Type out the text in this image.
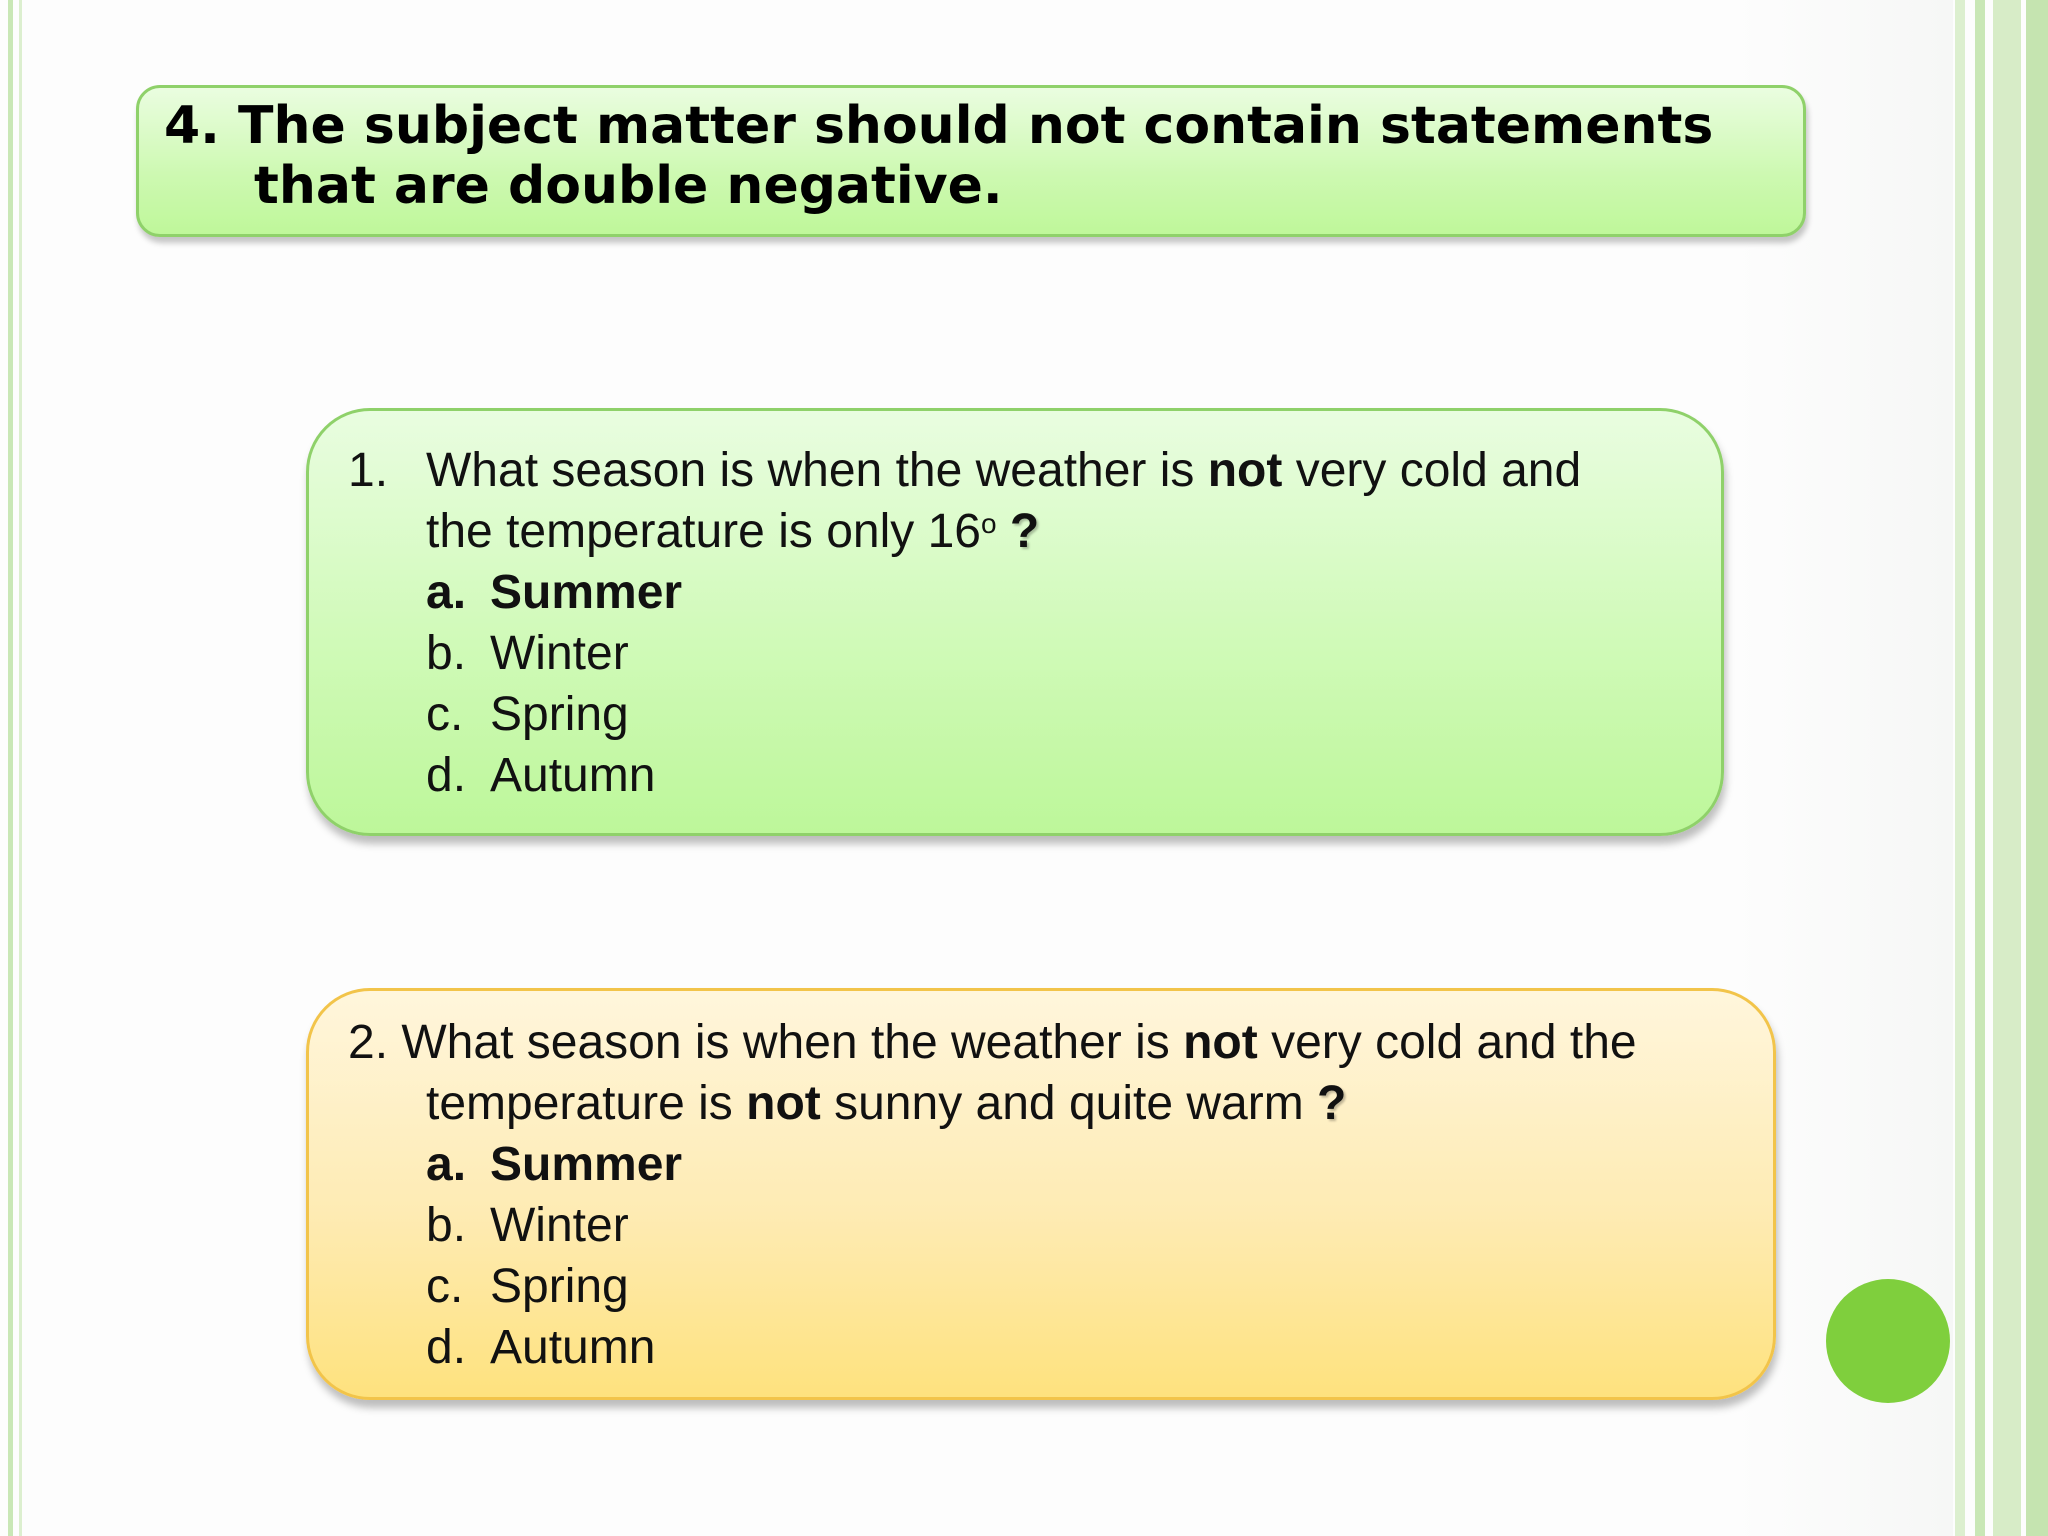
4. The subject matter should not contain statements
that are double negative.
1. What season is when the weather is not very cold and
the temperature is only 16$^o$ ?
a. Summer
b. Winter
c. Spring
d. Autumn
2. What season is when the weather is not very cold and the
temperature is not sunny and quite warm ?
a. Summer
b. Winter
c. Spring
d. Autumn
